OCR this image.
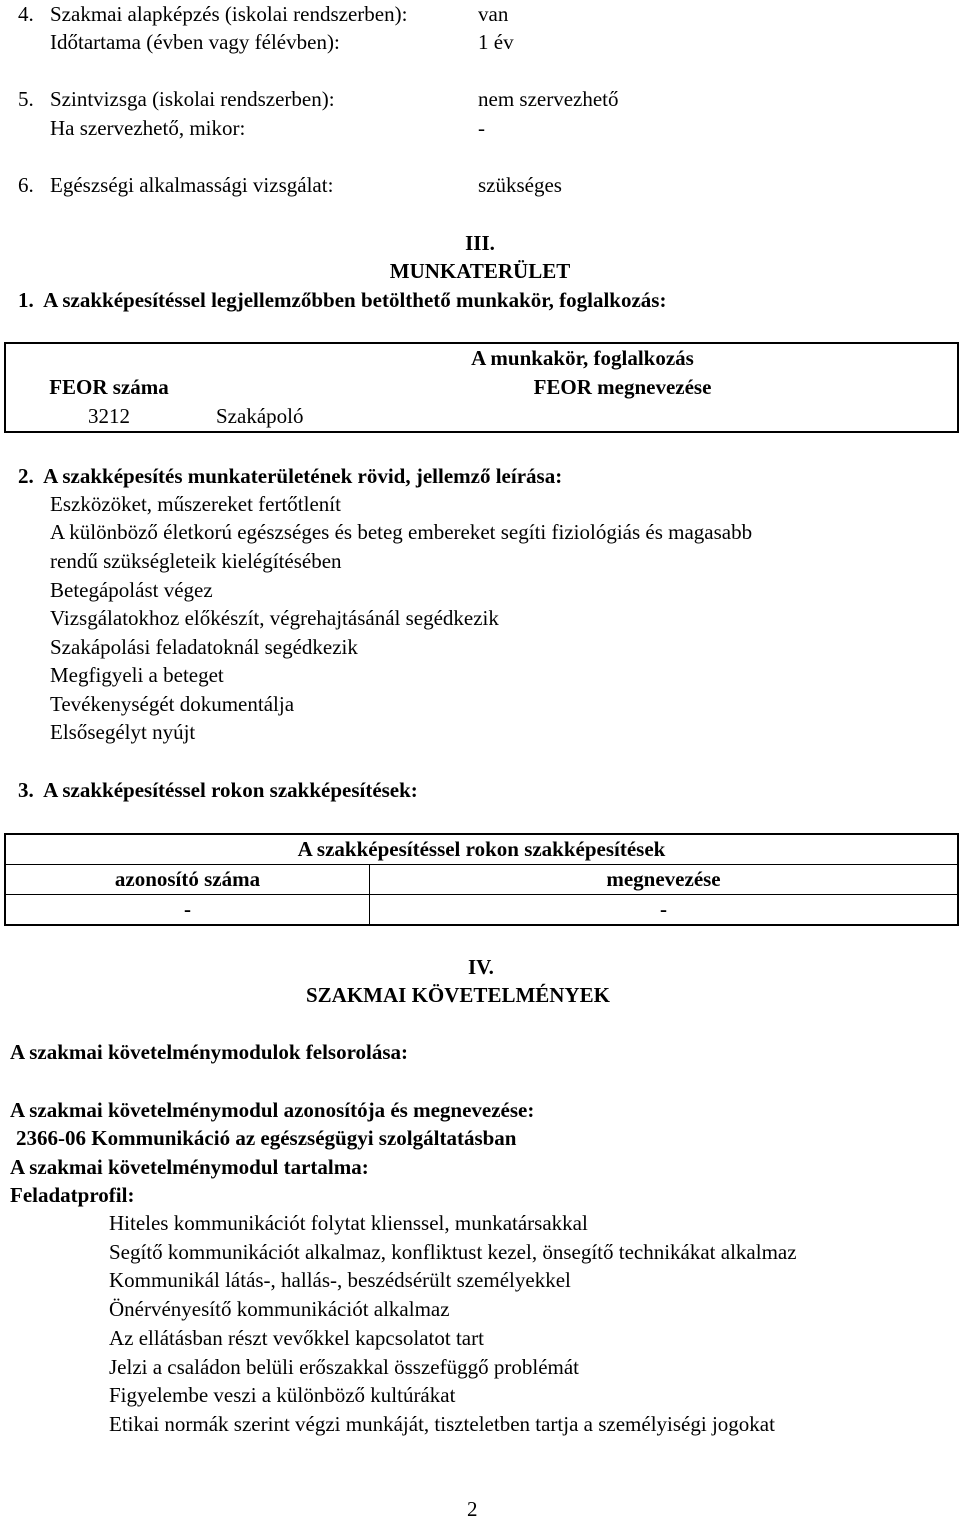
4. Szakmai alapképzés (iskolai rendszerben):	van
Időtartama (évben vagy félévben):	1 év
5. Szintvizsga (iskolai rendszerben):	nem szervezhető
Ha szervezhető, mikor:	-
6. Egészségi alkalmassági vizsgálat:	szükséges
III.
MUNKATERÜLET
1.  A szakképesítéssel legjellemzőbben betölthető munkakör, foglalkozás:
	A munkakör, foglalkozás
FEOR száma	FEOR megnevezése
3212	Szakápoló
2.  A szakképesítés munkaterületének rövid, jellemző leírása:
Eszközöket, műszereket fertőtlenít
A különböző életkorú egészséges és beteg embereket segíti fiziológiás és magasabb
rendű szükségleteik kielégítésében
Betegápolást végez
Vizsgálatokhoz előkészít, végrehajtásánál segédkezik
Szakápolási feladatoknál segédkezik
Megfigyeli a beteget
Tevékenységét dokumentálja
Elsősegélyt nyújt
3.  A szakképesítéssel rokon szakképesítések:
A szakképesítéssel rokon szakképesítések	
azonosító száma	megnevezése
-	-
IV.
SZAKMAI KÖVETELMÉNYEK
A szakmai követelménymodulok felsorolása:
A szakmai követelménymodul azonosítója és megnevezése:
2366-06 Kommunikáció az egészségügyi szolgáltatásban
A szakmai követelménymodul tartalma:
Feladatprofil:
Hiteles kommunikációt folytat klienssel, munkatársakkal
Segítő kommunikációt alkalmaz, konfliktust kezel, önsegítő technikákat alkalmaz
Kommunikál látás-, hallás-, beszédsérült személyekkel
Önérvényesítő kommunikációt alkalmaz
Az ellátásban részt vevőkkel kapcsolatot tart
Jelzi a családon belüli erőszakkal összefüggő problémát
Figyelembe veszi a különböző kultúrákat
Etikai normák szerint végzi munkáját, tiszteletben tartja a személyiségi jogokat
2
